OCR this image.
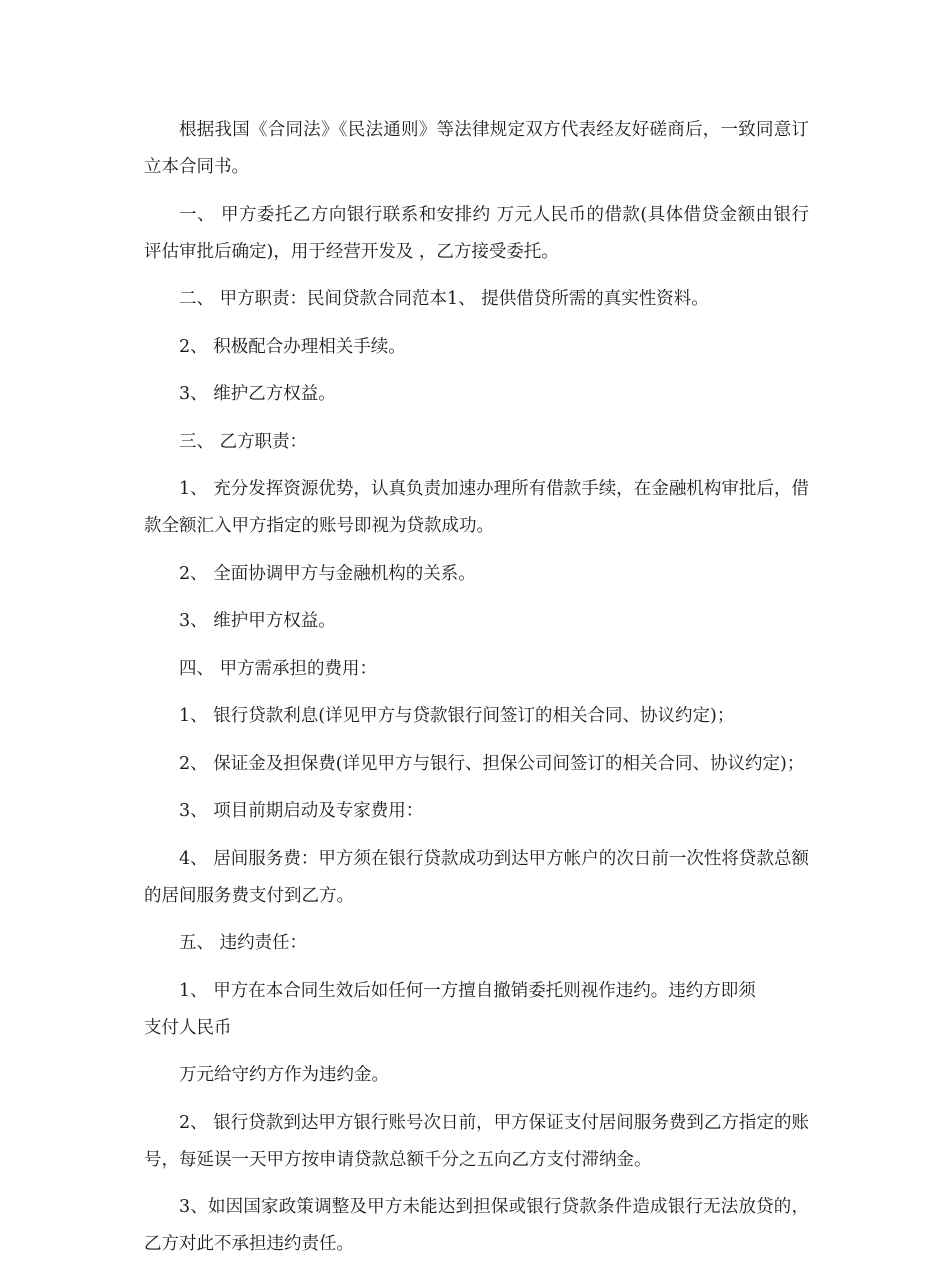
根据我国《合同法》《民法通则》等法律规定双方代表经友好磋商后，一致同意订立本合同书。

一、 甲方委托乙方向银行联系和安排约 万元人民币的借款(具体借贷金额由银行评估审批后确定)，用于经营开发及 ，乙方接受委托。

二、 甲方职责：民间贷款合同范本1、 提供借贷所需的真实性资料。

2、 积极配合办理相关手续。

3、 维护乙方权益。

三、 乙方职责：

1、 充分发挥资源优势，认真负责加速办理所有借款手续，在金融机构审批后，借款全额汇入甲方指定的账号即视为贷款成功。

2、 全面协调甲方与金融机构的关系。

3、 维护甲方权益。

四、 甲方需承担的费用：

1、 银行贷款利息(详见甲方与贷款银行间签订的相关合同、协议约定)；

2、 保证金及担保费(详见甲方与银行、担保公司间签订的相关合同、协议约定)；

3、 项目前期启动及专家费用：

4、 居间服务费：甲方须在银行贷款成功到达甲方帐户的次日前一次性将贷款总额 的居间服务费支付到乙方。

五、 违约责任：

1、 甲方在本合同生效后如任何一方擅自撤销委托则视作违约。违约方即须

支付人民币

万元给守约方作为违约金。

2、 银行贷款到达甲方银行账号次日前，甲方保证支付居间服务费到乙方指定的账号，每延误一天甲方按申请贷款总额千分之五向乙方支付滞纳金。

3、如因国家政策调整及甲方未能达到担保或银行贷款条件造成银行无法放贷的，乙方对此不承担违约责任。
